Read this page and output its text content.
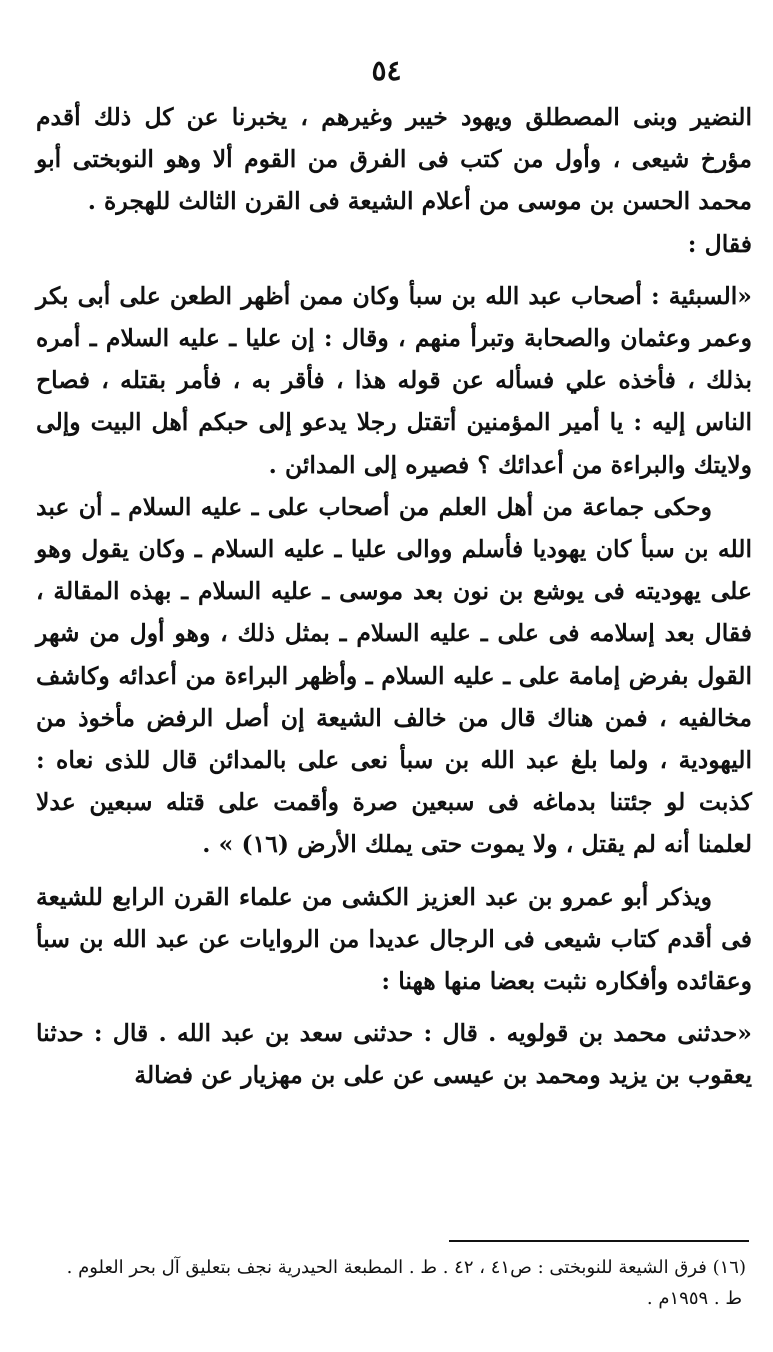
٥٤

النضير وبنى المصطلق ويهود خيبر وغيرهم ، يخبرنا عن كل ذلك أقدم مؤرخ شيعى ، وأول من كتب فى الفرق من القوم ألا وهو النوبختى أبو محمد الحسن بن موسى من أعلام الشيعة فى القرن الثالث للهجرة .

فقال :

«السبئية : أصحاب عبد الله بن سبأ وكان ممن أظهر الطعن على أبى بكر وعمر وعثمان والصحابة وتبرأ منهم ، وقال : إن عليا ـ عليه السلام ـ أمره بذلك ، فأخذه علي فسأله عن قوله هذا ، فأقر به ، فأمر بقتله ، فصاح الناس إليه : يا أمير المؤمنين أتقتل رجلا يدعو إلى حبكم أهل البيت وإلى ولايتك والبراءة من أعدائك ؟ فصيره إلى المدائن .

وحكى جماعة من أهل العلم من أصحاب على ـ عليه السلام ـ أن عبد الله بن سبأ كان يهوديا فأسلم ووالى عليا ـ عليه السلام ـ وكان يقول وهو على يهوديته فى يوشع بن نون بعد موسى ـ عليه السلام ـ بهذه المقالة ، فقال بعد إسلامه فى على ـ عليه السلام ـ بمثل ذلك ، وهو أول من شهر القول بفرض إمامة على ـ عليه السلام ـ وأظهر البراءة من أعدائه وكاشف مخالفيه ، فمن هناك قال من خالف الشيعة إن أصل الرفض مأخوذ من اليهودية ، ولما بلغ عبد الله بن سبأ نعى على بالمدائن قال للذى نعاه : كذبت لو جئتنا بدماغه فى سبعين صرة وأقمت على قتله سبعين عدلا لعلمنا أنه لم يقتل ، ولا يموت حتى يملك الأرض (١٦) » .

ويذكر أبو عمرو بن عبد العزيز الكشى من علماء القرن الرابع للشيعة فى أقدم كتاب شيعى فى الرجال عديدا من الروايات عن عبد الله بن سبأ وعقائده وأفكاره نثبت بعضا منها ههنا :

«حدثنى محمد بن قولويه . قال : حدثنى سعد بن عبد الله . قال : حدثنا يعقوب بن يزيد ومحمد بن عيسى عن على بن مهزيار عن فضالة

(١٦) فرق الشيعة للنوبختى : ص٤١ ، ٤٢ . ط . المطبعة الحيدرية نجف بتعليق آل بحر العلوم .
ط . ١٩٥٩م .
